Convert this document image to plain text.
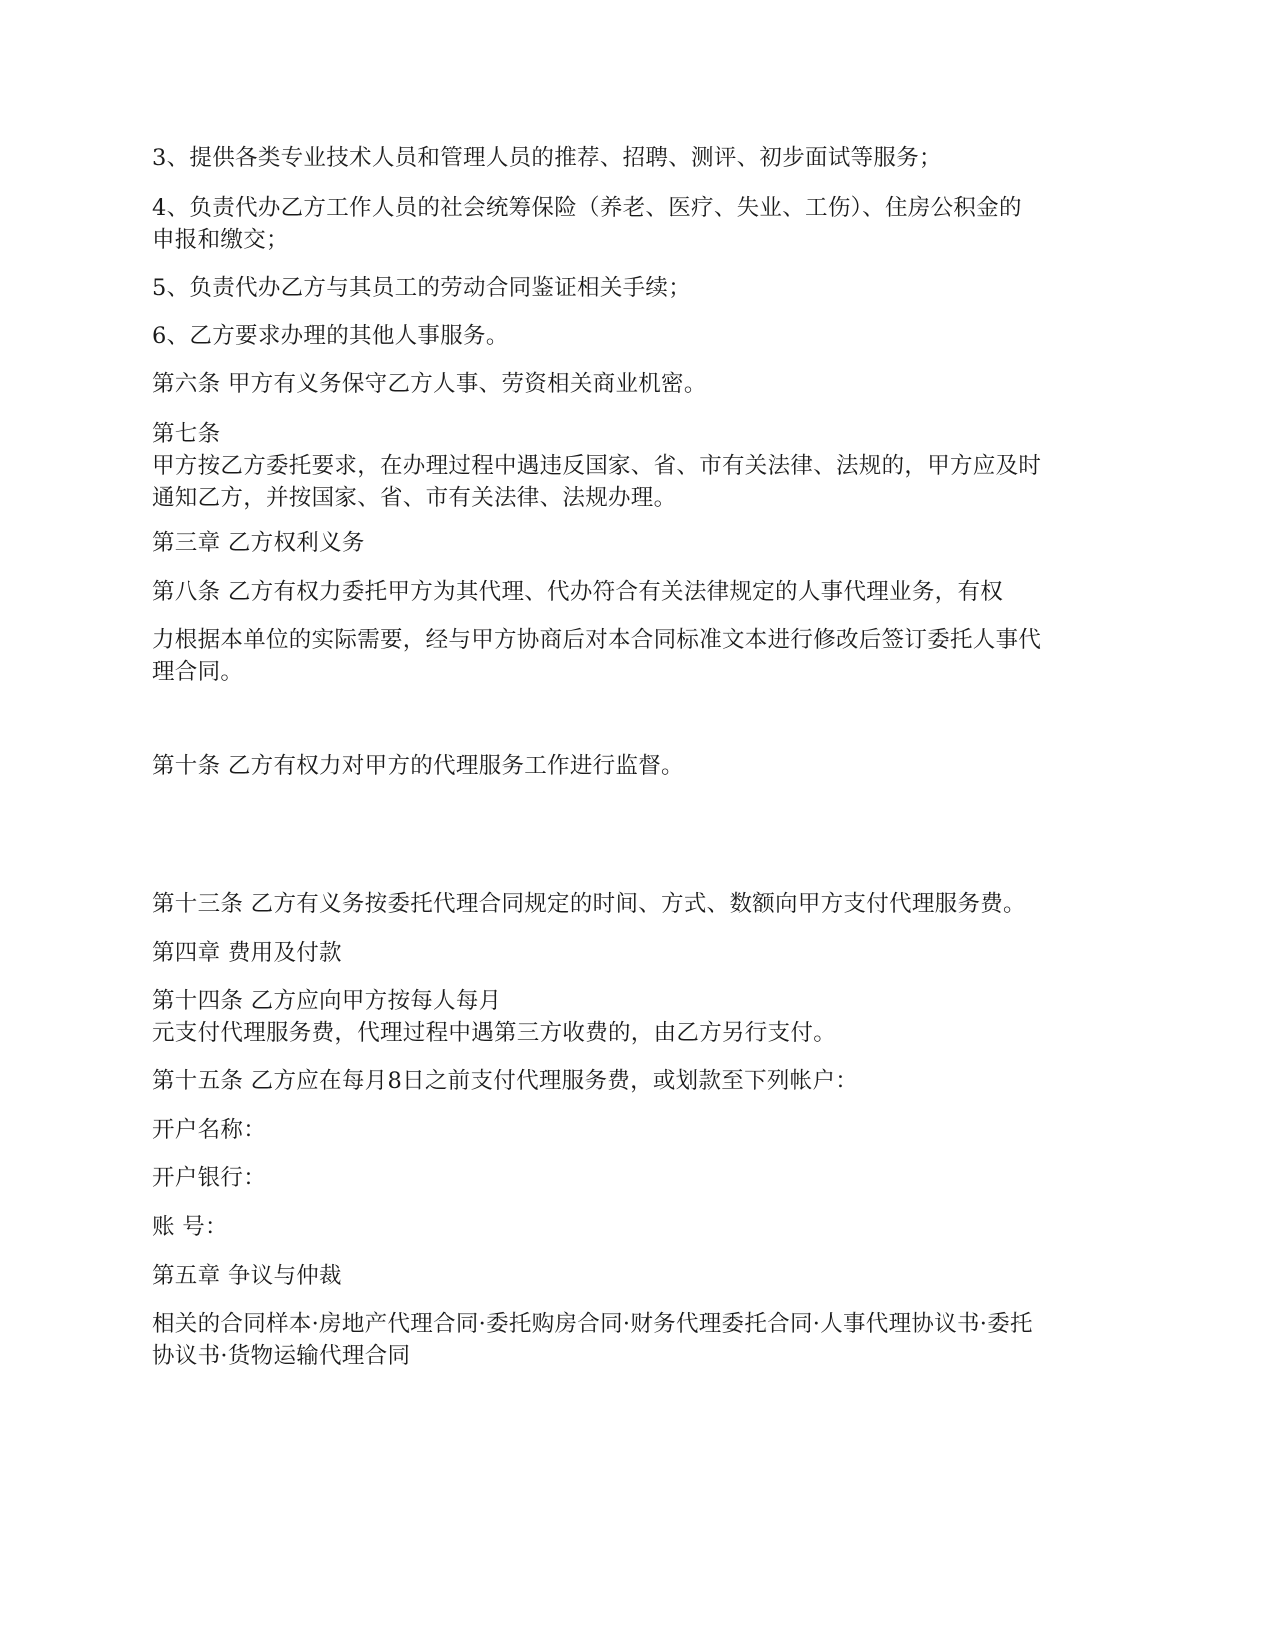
3、提供各类专业技术人员和管理人员的推荐、招聘、测评、初步面试等服务；
4、负责代办乙方工作人员的社会统筹保险（养老、医疗、失业、工伤）、住房公积金的
申报和缴交；
5、负责代办乙方与其员工的劳动合同鉴证相关手续；
6、乙方要求办理的其他人事服务。
第六条 甲方有义务保守乙方人事、劳资相关商业机密。
第七条
甲方按乙方委托要求，在办理过程中遇违反国家、省、市有关法律、法规的，甲方应及时
通知乙方，并按国家、省、市有关法律、法规办理。
第三章 乙方权利义务
第八条 乙方有权力委托甲方为其代理、代办符合有关法律规定的人事代理业务，有权
力根据本单位的实际需要，经与甲方协商后对本合同标准文本进行修改后签订委托人事代
理合同。
第十条 乙方有权力对甲方的代理服务工作进行监督。
第十三条 乙方有义务按委托代理合同规定的时间、方式、数额向甲方支付代理服务费。
第四章 费用及付款
第十四条 乙方应向甲方按每人每月
元支付代理服务费，代理过程中遇第三方收费的，由乙方另行支付。
第十五条 乙方应在每月8日之前支付代理服务费，或划款至下列帐户：
开户名称：
开户银行：
账 号：
第五章 争议与仲裁
相关的合同样本·房地产代理合同·委托购房合同·财务代理委托合同·人事代理协议书·委托
协议书·货物运输代理合同
